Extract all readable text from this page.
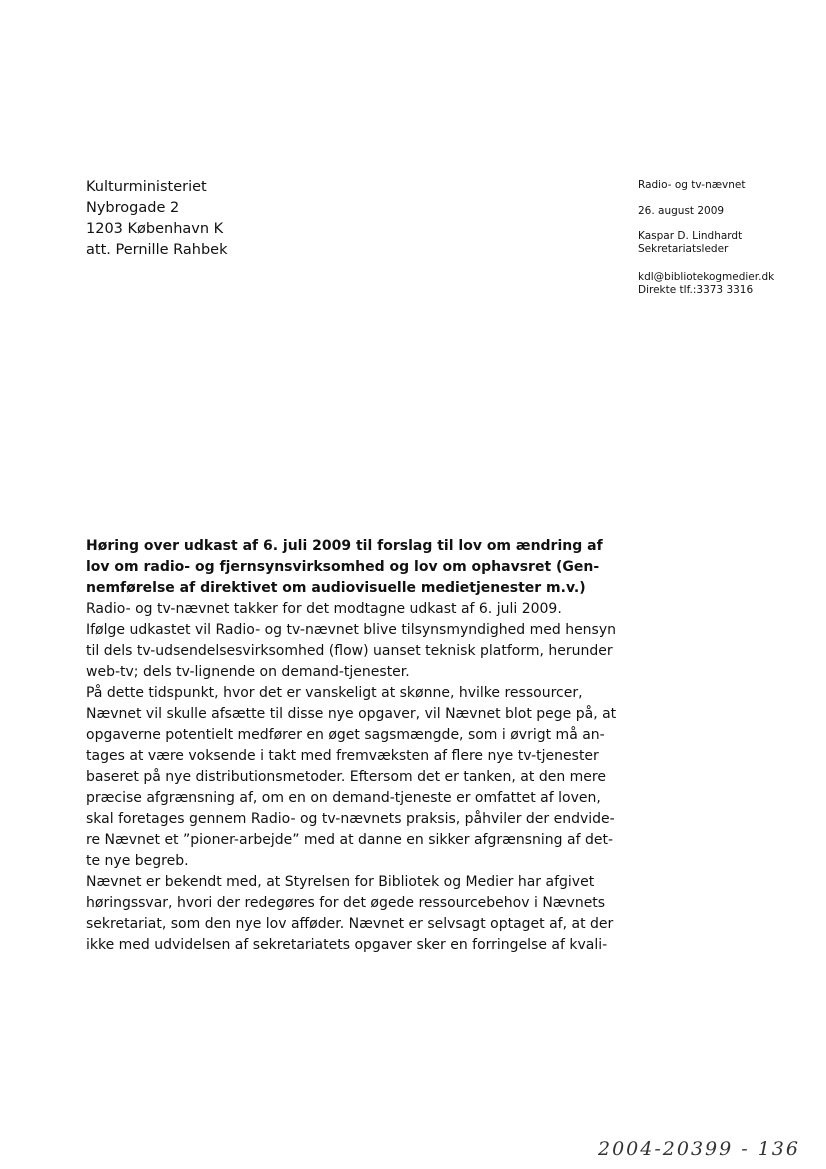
Kulturministeriet
Nybrogade 2
1203 København K
att. Pernille Rahbek
Radio- og tv-nævnet
26. august 2009
Kaspar D. Lindhardt
Sekretariatsleder
kdl@bibliotekogmedier.dk
Direkte tlf.:3373 3316

Høring over udkast af 6. juli 2009 til forslag til lov om ændring af
lov om radio- og fjernsynsvirksomhed og lov om ophavsret (Gen-
nemførelse af direktivet om audiovisuelle medietjenester m.v.)

Radio- og tv-nævnet takker for det modtagne udkast af 6. juli 2009.

Ifølge udkastet vil Radio- og tv-nævnet blive tilsynsmyndighed med hensyn
til dels tv-udsendelsesvirksomhed (flow) uanset teknisk platform, herunder
web-tv; dels tv-lignende on demand-tjenester.

På dette tidspunkt, hvor det er vanskeligt at skønne, hvilke ressourcer,
Nævnet vil skulle afsætte til disse nye opgaver, vil Nævnet blot pege på, at
opgaverne potentielt medfører en øget sagsmængde, som i øvrigt må an-
tages at være voksende i takt med fremvæksten af flere nye tv-tjenester
baseret på nye distributionsmetoder. Eftersom det er tanken, at den mere
præcise afgrænsning af, om en on demand-tjeneste er omfattet af loven,
skal foretages gennem Radio- og tv-nævnets praksis, påhviler der endvide-
re Nævnet et ”pioner-arbejde” med at danne en sikker afgrænsning af det-
te nye begreb.

Nævnet er bekendt med, at Styrelsen for Bibliotek og Medier har afgivet
høringssvar, hvori der redegøres for det øgede ressourcebehov i Nævnets
sekretariat, som den nye lov afføder. Nævnet er selvsagt optaget af, at der
ikke med udvidelsen af sekretariatets opgaver sker en forringelse af kvali-

2004-20399 - 136
